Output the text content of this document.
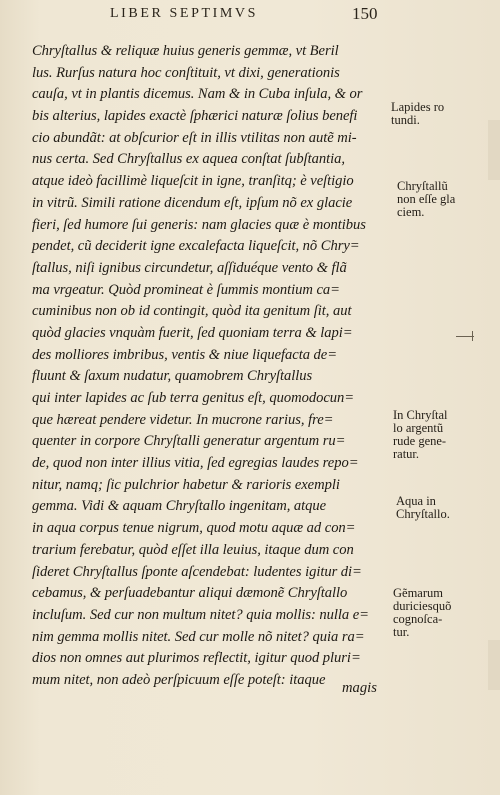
LIBER SEPTIMVS	150
Chryſtallus & reliquæ huius generis gemmæ, vt Beril
lus. Rurſus natura hoc conſtituit, vt dixi, generationis
cauſa, vt in plantis dicemus. Nam & in Cuba inſula, & or
bis alterius, lapides exactè ſphærici naturæ ſolius benefi
cio abundãt: at obſcurior eſt in illis vtilitas non autẽ mi-
nus certa. Sed Chryſtallus ex aquea conſtat ſubſtantia,
atque ideò facillimè liqueſcit in igne, tranſitq; è veſtigio
in vitrũ. Simili ratione dicendum eſt, ipſum nõ ex glacie
fieri, ſed humore ſui generis: nam glacies quæ è montibus
pendet, cũ deciderit igne excalefacta liqueſcit, nõ Chry=
ſtallus, niſi ignibus circundetur, aſſiduéque vento & flã
ma vrgeatur. Quòd promineat è ſummis montium ca=
cuminibus non ob id contingit, quòd ita genitum ſit, aut
quòd glacies vnquàm fuerit, ſed quoniam terra & lapi=
des molliores imbribus, ventis & niue liquefacta de=
fluunt & ſaxum nudatur, quamobrem Chryſtallus
qui inter lapides ac ſub terra genitus eſt, quomodocun=
que hæreat pendere videtur. In mucrone rarius, fre=
quenter in corpore Chryſtalli generatur argentum ru=
de, quod non inter illius vitia, ſed egregias laudes repo=
nitur, namq; ſic pulchrior habetur & rarioris exempli
gemma. Vidi & aquam Chryſtallo ingenitam, atque
in aqua corpus tenue nigrum, quod motu aquæ ad con=
trarium ferebatur, quòd eſſet illa leuius, itaque dum con
ſideret Chryſtallus ſponte aſcendebat: ludentes igitur di=
cebamus, & perſuadebantur aliqui dæmonẽ Chryſtallo
incluſum. Sed cur non multum nitet? quia mollis: nulla e=
nim gemma mollis nitet. Sed cur molle nõ nitet? quia ra=
dios non omnes aut plurimos reflectit, igitur quod pluri=
mum nitet, non adeò perſpicuum eſſe poteſt: itaque
magis
Lapides ro
tundi.
Chryſtallũ
non eſſe gla
ciem.
In Chryſtal
lo argentũ
rude gene-
ratur.
Aqua in
Chryſtallo.
Gẽmarum
duriciesquõ
cognoſca-
tur.
